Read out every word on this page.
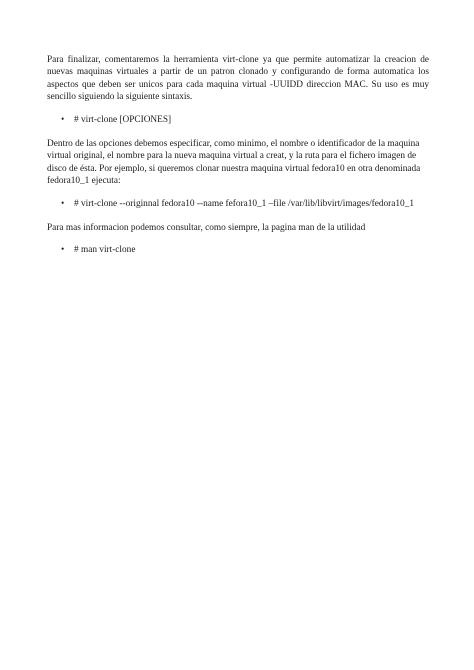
Para finalizar, comentaremos la herramienta virt-clone ya que permite automatizar la creacion de nuevas maquinas virtuales a partir de un patron clonado y configurando de forma automatica los aspectos que deben ser unicos para cada maquina virtual -UUIDD direccion MAC. Su uso es muy sencillo siguiendo la siguiente sintaxis.

• # virt-clone [OPCIONES]

Dentro de las opciones debemos especificar, como minimo, el nombre o identificador de la maquina virtual original, el nombre para la nueva maquina virtual a creat, y la ruta para el fichero imagen de disco de ésta. Por ejemplo, si queremos clonar nuestra maquina virtual fedora10 en otra denominada fedora10_1 ejecuta:

• # virt-clone --originnal fedora10 --name fefora10_1 –file /var/lib/libvirt/images/fedora10_1

Para mas informacion podemos consultar, como siempre, la pagina man de la utilidad

• # man virt-clone
